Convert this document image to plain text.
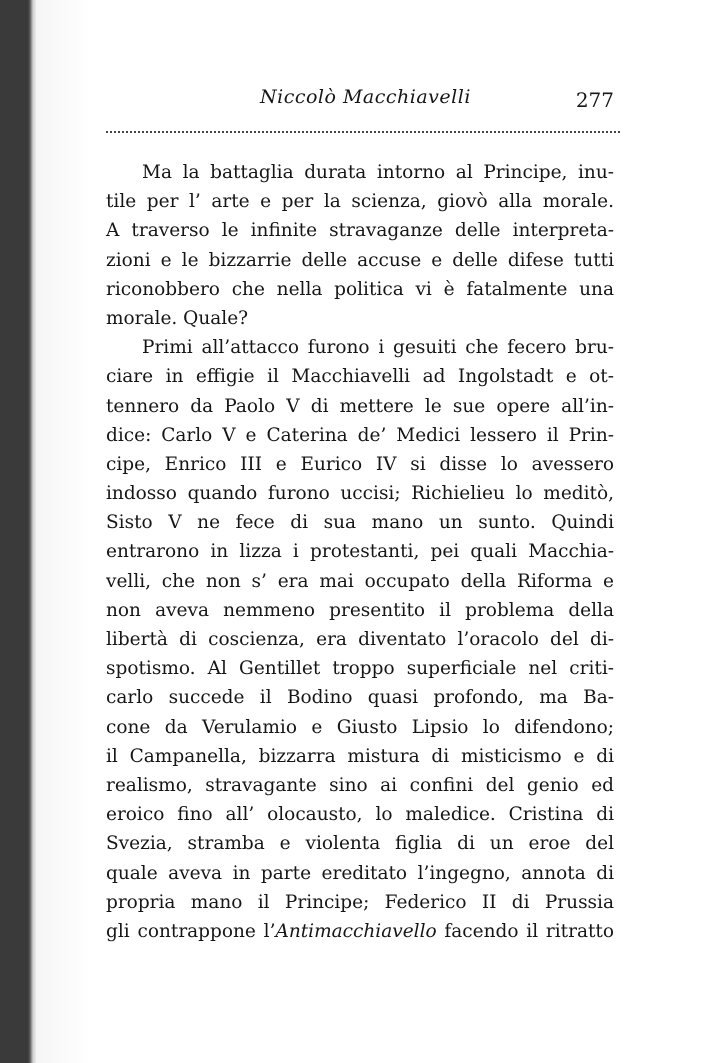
Niccolò Macchiavelli	277
Ma la battaglia durata intorno al Principe, inu-
tile per l’ arte e per la scienza, giovò alla morale.
A traverso le infinite stravaganze delle interpreta-
zioni e le bizzarrie delle accuse e delle difese tutti
riconobbero che nella politica vi è fatalmente una
morale. Quale?
Primi all’attacco furono i gesuiti che fecero bru-
ciare in effigie il Macchiavelli ad Ingolstadt e ot-
tennero da Paolo V di mettere le sue opere all’in-
dice: Carlo V e Caterina de’ Medici lessero il Prin-
cipe, Enrico III e Eurico IV si disse lo avessero
indosso quando furono uccisi; Richielieu lo meditò,
Sisto V ne fece di sua mano un sunto. Quindi
entrarono in lizza i protestanti, pei quali Macchia-
velli, che non s’ era mai occupato della Riforma e
non aveva nemmeno presentito il problema della
libertà di coscienza, era diventato l’oracolo del di-
spotismo. Al Gentillet troppo superficiale nel criti-
carlo succede il Bodino quasi profondo, ma Ba-
cone da Verulamio e Giusto Lipsio lo difendono;
il Campanella, bizzarra mistura di misticismo e di
realismo, stravagante sino ai confini del genio ed
eroico fino all’ olocausto, lo maledice. Cristina di
Svezia, stramba e violenta figlia di un eroe del
quale aveva in parte ereditato l’ingegno, annota di
propria mano il Principe; Federico II di Prussia
gli contrappone l’Antimacchiavello facendo il ritratto
